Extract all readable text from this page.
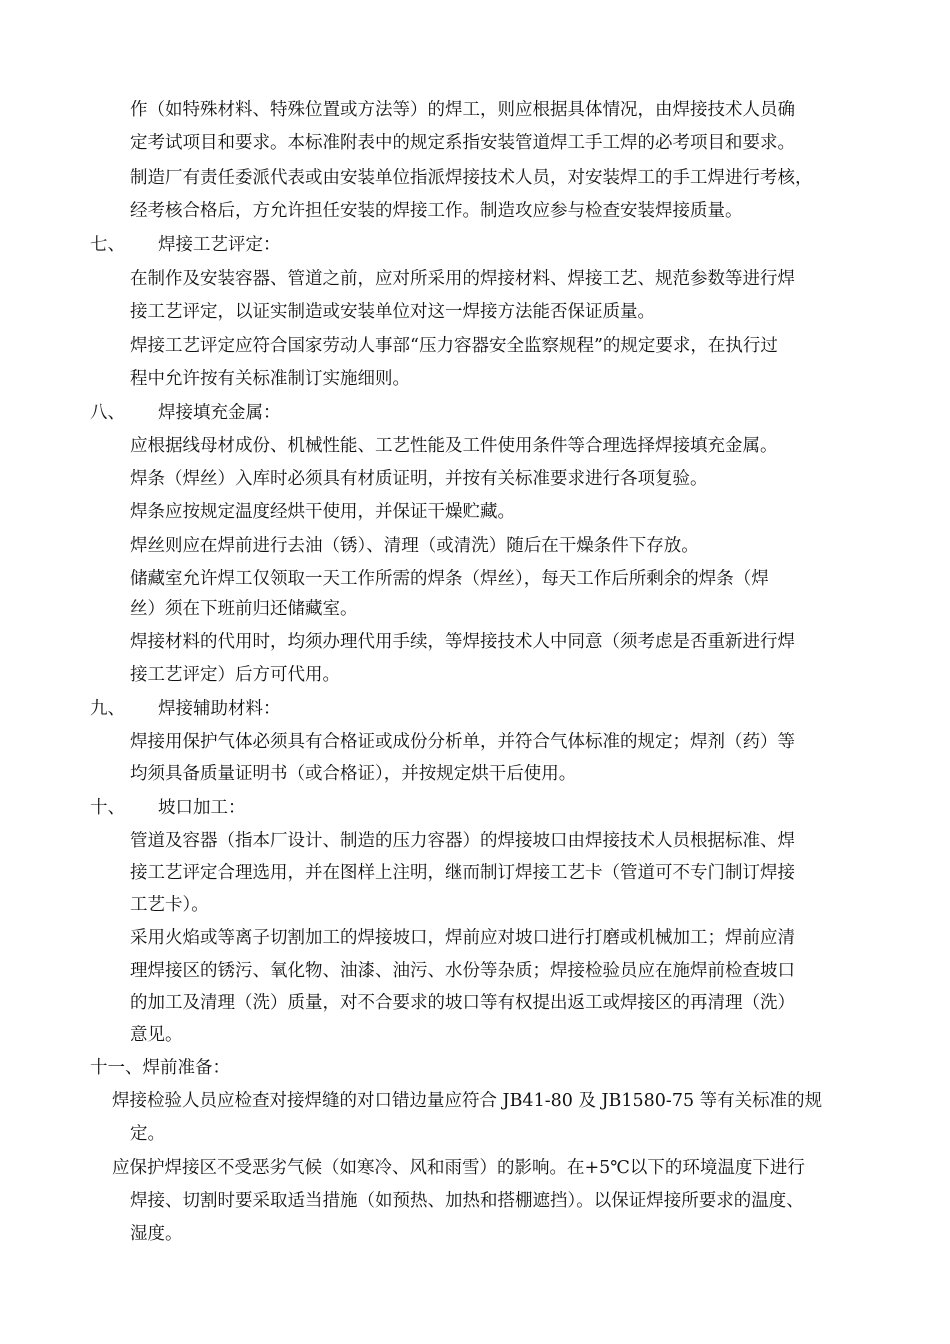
作（如特殊材料、特殊位置或方法等）的焊工，则应根据具体情况，由焊接技术人员确
定考试项目和要求。本标准附表中的规定系指安装管道焊工手工焊的必考项目和要求。
制造厂有责任委派代表或由安装单位指派焊接技术人员，对安装焊工的手工焊进行考核，
经考核合格后，方允许担任安装的焊接工作。制造攻应参与检查安装焊接质量。
七、 焊接工艺评定：
在制作及安装容器、管道之前，应对所采用的焊接材料、焊接工艺、规范参数等进行焊
接工艺评定，以证实制造或安装单位对这一焊接方法能否保证质量。
焊接工艺评定应符合国家劳动人事部“压力容器安全监察规程”的规定要求，在执行过
程中允许按有关标准制订实施细则。
八、 焊接填充金属：
应根据线母材成份、机械性能、工艺性能及工件使用条件等合理选择焊接填充金属。
焊条（焊丝）入库时必须具有材质证明，并按有关标准要求进行各项复验。
焊条应按规定温度经烘干使用，并保证干燥贮藏。
焊丝则应在焊前进行去油（锈）、清理（或清洗）随后在干燥条件下存放。
储藏室允许焊工仅领取一天工作所需的焊条（焊丝），每天工作后所剩余的焊条（焊
丝）须在下班前归还储藏室。
焊接材料的代用时，均须办理代用手续，等焊接技术人中同意（须考虑是否重新进行焊
接工艺评定）后方可代用。
九、 焊接辅助材料：
焊接用保护气体必须具有合格证或成份分析单，并符合气体标准的规定；焊剂（药）等
均须具备质量证明书（或合格证），并按规定烘干后使用。
十、 坡口加工：
管道及容器（指本厂设计、制造的压力容器）的焊接坡口由焊接技术人员根据标准、焊
接工艺评定合理选用，并在图样上注明，继而制订焊接工艺卡（管道可不专门制订焊接
工艺卡）。
采用火焰或等离子切割加工的焊接坡口，焊前应对坡口进行打磨或机械加工；焊前应清
理焊接区的锈污、氧化物、油漆、油污、水份等杂质；焊接检验员应在施焊前检查坡口
的加工及清理（洗）质量，对不合要求的坡口等有权提出返工或焊接区的再清理（洗）
意见。
十一、焊前准备：
焊接检验人员应检查对接焊缝的对口错边量应符合 JB41-80 及 JB1580-75 等有关标准的规
定。
应保护焊接区不受恶劣气候（如寒冷、风和雨雪）的影响。在+5℃以下的环境温度下进行
焊接、切割时要采取适当措施（如预热、加热和搭棚遮挡）。以保证焊接所要求的温度、
湿度。
